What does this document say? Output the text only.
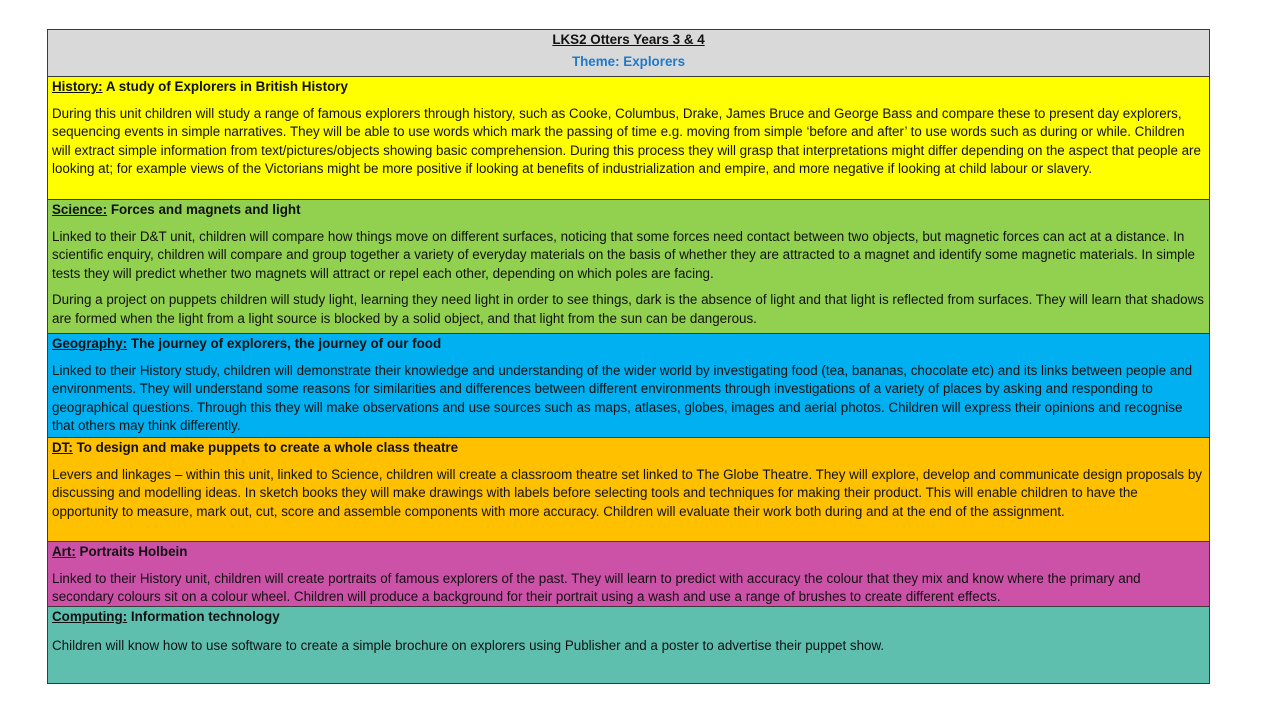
LKS2 Otters Years 3 & 4
Theme: Explorers
History: A study of Explorers in British History
During this unit children will study a range of famous explorers through history, such as Cooke, Columbus, Drake, James Bruce and George Bass and compare these to present day explorers, sequencing events in simple narratives. They will be able to use words which mark the passing of time e.g. moving from simple ‘before and after’ to use words such as during or while. Children will extract simple information from text/pictures/objects showing basic comprehension. During this process they will grasp that interpretations might differ depending on the aspect that people are looking at; for example views of the Victorians might be more positive if looking at benefits of industrialization and empire, and more negative if looking at child labour or slavery.
Science: Forces and magnets and light
Linked to their D&T unit, children will compare how things move on different surfaces, noticing that some forces need contact between two objects, but magnetic forces can act at a distance. In scientific enquiry, children will compare and group together a variety of everyday materials on the basis of whether they are attracted to a magnet and identify some magnetic materials. In simple tests they will predict whether two magnets will attract or repel each other, depending on which poles are facing.
During a project on puppets children will study light, learning they need light in order to see things, dark is the absence of light and that light is reflected from surfaces. They will learn that shadows are formed when the light from a light source is blocked by a solid object, and that light from the sun can be dangerous.
Geography: The journey of explorers, the journey of our food
Linked to their History study, children will demonstrate their knowledge and understanding of the wider world by investigating food (tea, bananas, chocolate etc) and its links between people and environments. They will understand some reasons for similarities and differences between different environments through investigations of a variety of places by asking and responding to geographical questions. Through this they will make observations and use sources such as maps, atlases, globes, images and aerial photos. Children will express their opinions and recognise that others may think differently.
DT: To design and make puppets to create a whole class theatre
Levers and linkages – within this unit, linked to Science, children will create a classroom theatre set linked to The Globe Theatre. They will explore, develop and communicate design proposals by discussing and modelling ideas. In sketch books they will make drawings with labels before selecting tools and techniques for making their product. This will enable children to have the opportunity to measure, mark out, cut, score and assemble components with more accuracy. Children will evaluate their work both during and at the end of the assignment.
Art: Portraits Holbein
Linked to their History unit, children will create portraits of famous explorers of the past. They will learn to predict with accuracy the colour that they mix and know where the primary and secondary colours sit on a colour wheel. Children will produce a background for their portrait using a wash and use a range of brushes to create different effects.
Computing: Information technology
Children will know how to use software to create a simple brochure on explorers using Publisher and a poster to advertise their puppet show.
